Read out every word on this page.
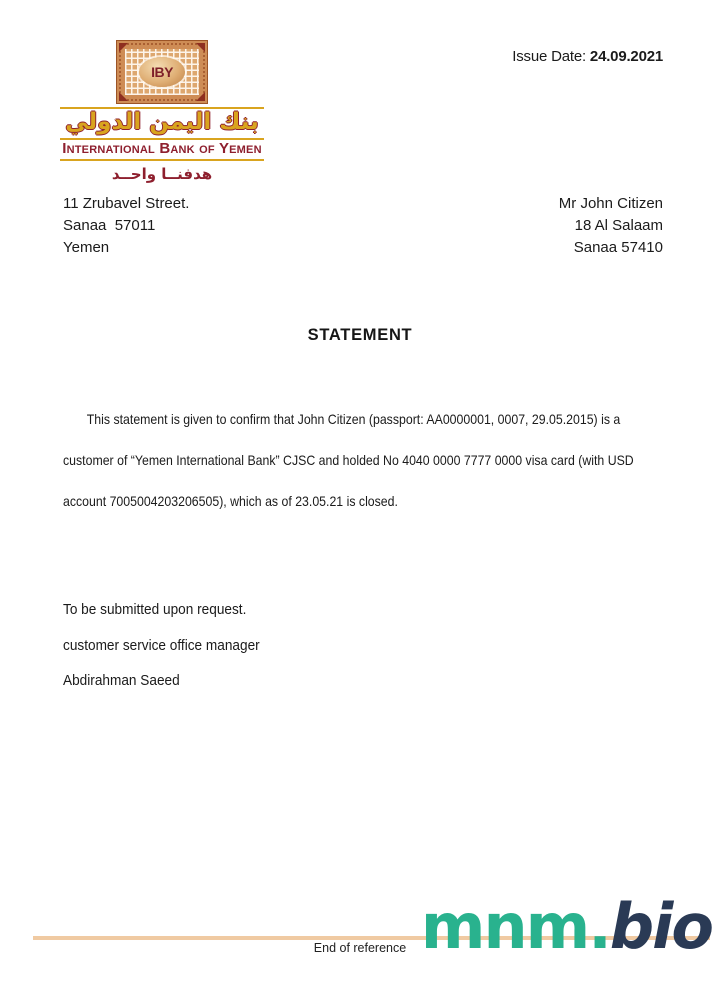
Issue Date: 24.09.2021
IBY
بنك اليمن الدولي
International Bank of Yemen
هدفنــا واحــد
11 Zrubavel Street.
Sanaa  57011
Yemen
Mr John Citizen
18 Al Salaam
Sanaa 57410
STATEMENT
This statement is given to confirm that John Citizen (passport: AA0000001, 0007, 29.05.2015) is a
customer of “Yemen International Bank” CJSC and holded No 4040 0000 7777 0000 visa card (with USD
account 7005004203206505), which as of 23.05.21 is closed.
To be submitted upon request.
customer service office manager
Abdirahman Saeed
End of reference mnm.bio
